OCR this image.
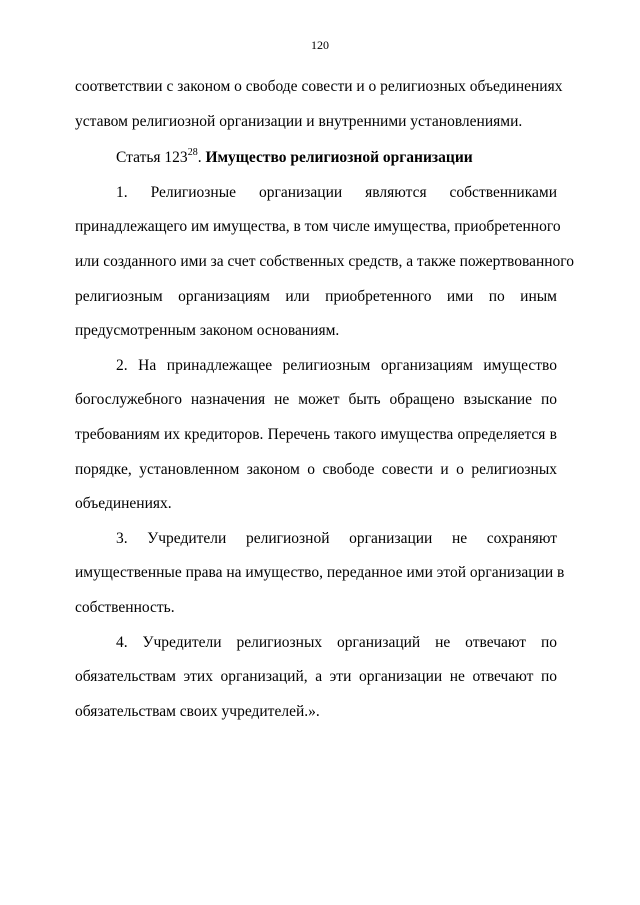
120
соответствии с законом о свободе совести и о религиозных объединениях
уставом религиозной организации и внутренними установлениями.
Статья $123^{28}$. Имущество религиозной организации
1. Религиозные организации являются собственниками
принадлежащего им имущества, в том числе имущества, приобретенного
или созданного ими за счет собственных средств, а также пожертвованного
религиозным организациям или приобретенного ими по иным
предусмотренным законом основаниям.
2. На принадлежащее религиозным организациям имущество
богослужебного назначения не может быть обращено взыскание по
требованиям их кредиторов. Перечень такого имущества определяется в
порядке, установленном законом о свободе совести и о религиозных
объединениях.
3. Учредители религиозной организации не сохраняют
имущественные права на имущество, переданное ими этой организации в
собственность.
4. Учредители религиозных организаций не отвечают по
обязательствам этих организаций, а эти организации не отвечают по
обязательствам своих учредителей.».
